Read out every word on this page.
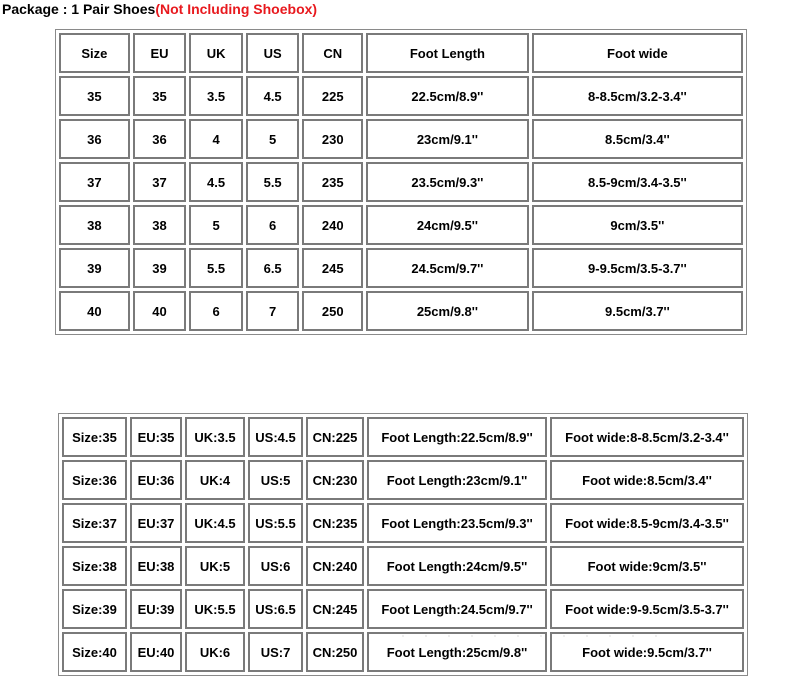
Package : 1 Pair Shoes(Not Including Shoebox)
Size	EU	UK	US	CN	Foot Length	Foot wide
35	35	3.5	4.5	225	22.5cm/8.9''	8-8.5cm/3.2-3.4''
36	36	4	5	230	23cm/9.1''	8.5cm/3.4''
37	37	4.5	5.5	235	23.5cm/9.3''	8.5-9cm/3.4-3.5''
38	38	5	6	240	24cm/9.5''	9cm/3.5''
39	39	5.5	6.5	245	24.5cm/9.7''	9-9.5cm/3.5-3.7''
40	40	6	7	250	25cm/9.8''	9.5cm/3.7''
Size:35	EU:35	UK:3.5	US:4.5	CN:225	Foot Length:22.5cm/8.9''	Foot wide:8-8.5cm/3.2-3.4''
Size:36	EU:36	UK:4	US:5	CN:230	Foot Length:23cm/9.1''	Foot wide:8.5cm/3.4''
Size:37	EU:37	UK:4.5	US:5.5	CN:235	Foot Length:23.5cm/9.3''	Foot wide:8.5-9cm/3.4-3.5''
Size:38	EU:38	UK:5	US:6	CN:240	Foot Length:24cm/9.5''	Foot wide:9cm/3.5''
Size:39	EU:39	UK:5.5	US:6.5	CN:245	Foot Length:24.5cm/9.7''	Foot wide:9-9.5cm/3.5-3.7''
Size:40	EU:40	UK:6	US:7	CN:250	Foot Length:25cm/9.8''	Foot wide:9.5cm/3.7''
· · · · · · · · · · · ·
